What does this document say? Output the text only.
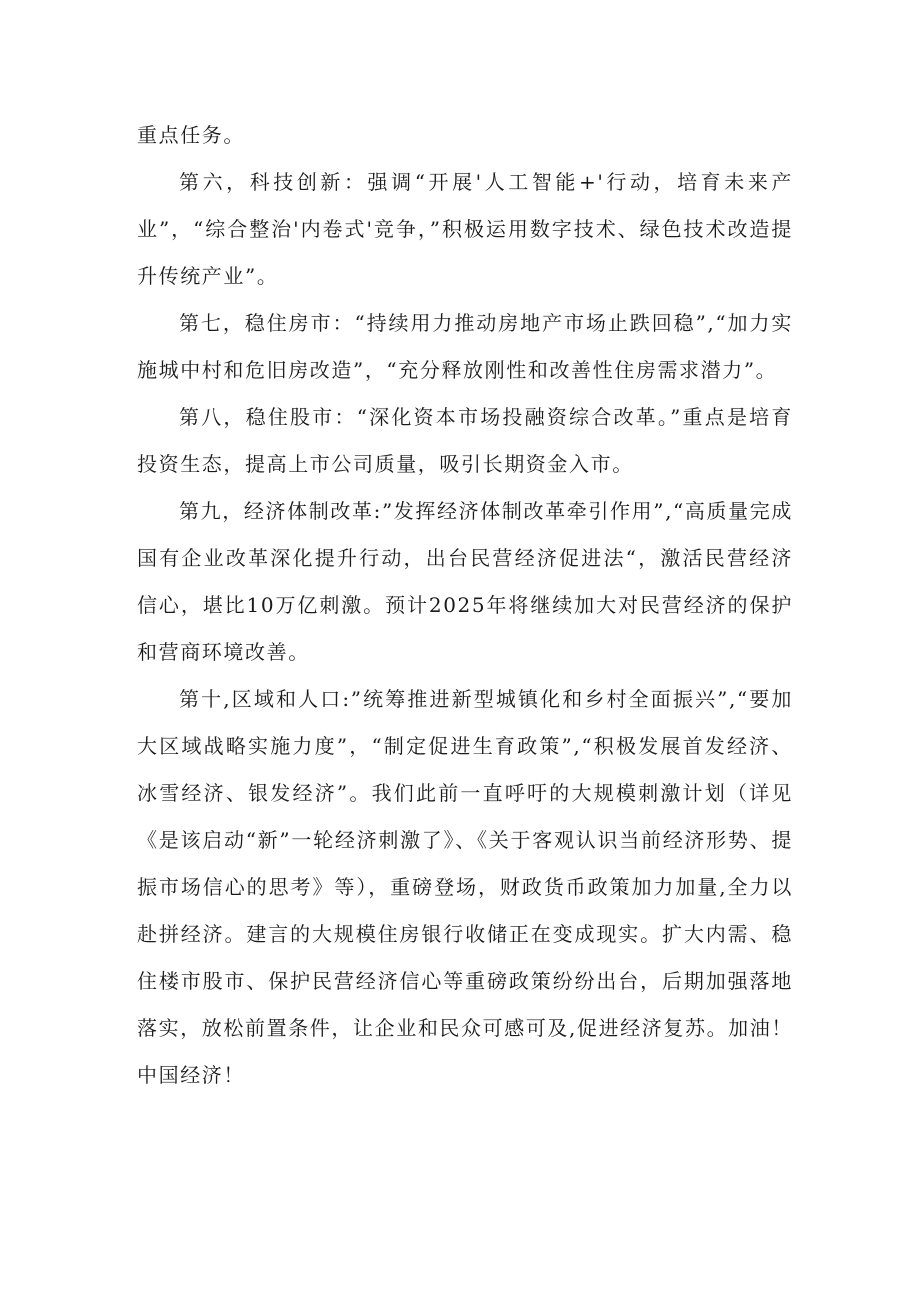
重点任务。

第六，科技创新：强调“开展'人工智能+'行动，培育未来产业”，“综合整治'内卷式'竞争，”积极运用数字技术、绿色技术改造提升传统产业”。

第七，稳住房市：“持续用力推动房地产市场止跌回稳”,“加力实施城中村和危旧房改造”，“充分释放刚性和改善性住房需求潜力”。

第八，稳住股市：“深化资本市场投融资综合改革。”重点是培育投资生态，提高上市公司质量，吸引长期资金入市。

第九，经济体制改革:”发挥经济体制改革牵引作用”,“高质量完成国有企业改革深化提升行动，出台民营经济促进法“，激活民营经济信心，堪比10万亿刺激。预计2025年将继续加大对民营经济的保护和营商环境改善。

第十,区域和人口:”统筹推进新型城镇化和乡村全面振兴”,“要加大区域战略实施力度”，“制定促进生育政策”,“积极发展首发经济、冰雪经济、银发经济”。我们此前一直呼吁的大规模刺激计划（详见《是该启动“新”一轮经济刺激了》、《关于客观认识当前经济形势、提振市场信心的思考》等），重磅登场，财政货币政策加力加量,全力以赴拼经济。建言的大规模住房银行收储正在变成现实。扩大内需、稳住楼市股市、保护民营经济信心等重磅政策纷纷出台，后期加强落地落实，放松前置条件，让企业和民众可感可及,促进经济复苏。加油！中国经济！
